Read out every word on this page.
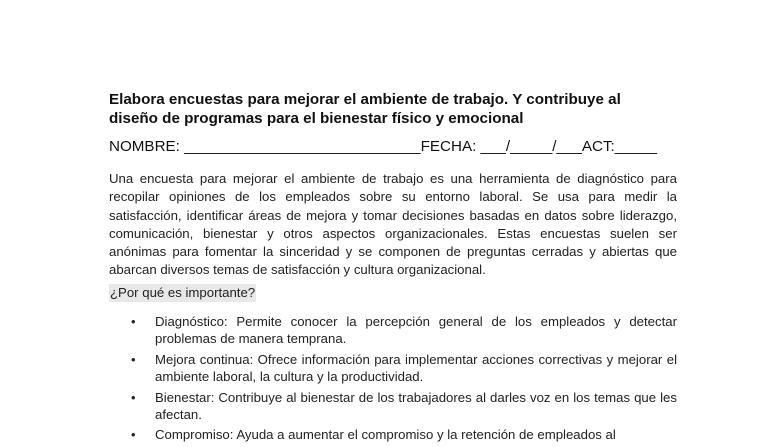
Elabora encuestas para mejorar el ambiente de trabajo. Y contribuye al diseño de programas para el bienestar físico y emocional
NOMBRE: ____________________________FECHA: ___/_____/___ACT:_____
Una encuesta para mejorar el ambiente de trabajo es una herramienta de diagnóstico para recopilar opiniones de los empleados sobre su entorno laboral. Se usa para medir la satisfacción, identificar áreas de mejora y tomar decisiones basadas en datos sobre liderazgo, comunicación, bienestar y otros aspectos organizacionales. Estas encuestas suelen ser anónimas para fomentar la sinceridad y se componen de preguntas cerradas y abiertas que abarcan diversos temas de satisfacción y cultura organizacional.
¿Por qué es importante?
• Diagnóstico: Permite conocer la percepción general de los empleados y detectar problemas de manera temprana.
• Mejora continua: Ofrece información para implementar acciones correctivas y mejorar el ambiente laboral, la cultura y la productividad.
• Bienestar: Contribuye al bienestar de los trabajadores al darles voz en los temas que les afectan.
• Compromiso: Ayuda a aumentar el compromiso y la retención de empleados al
